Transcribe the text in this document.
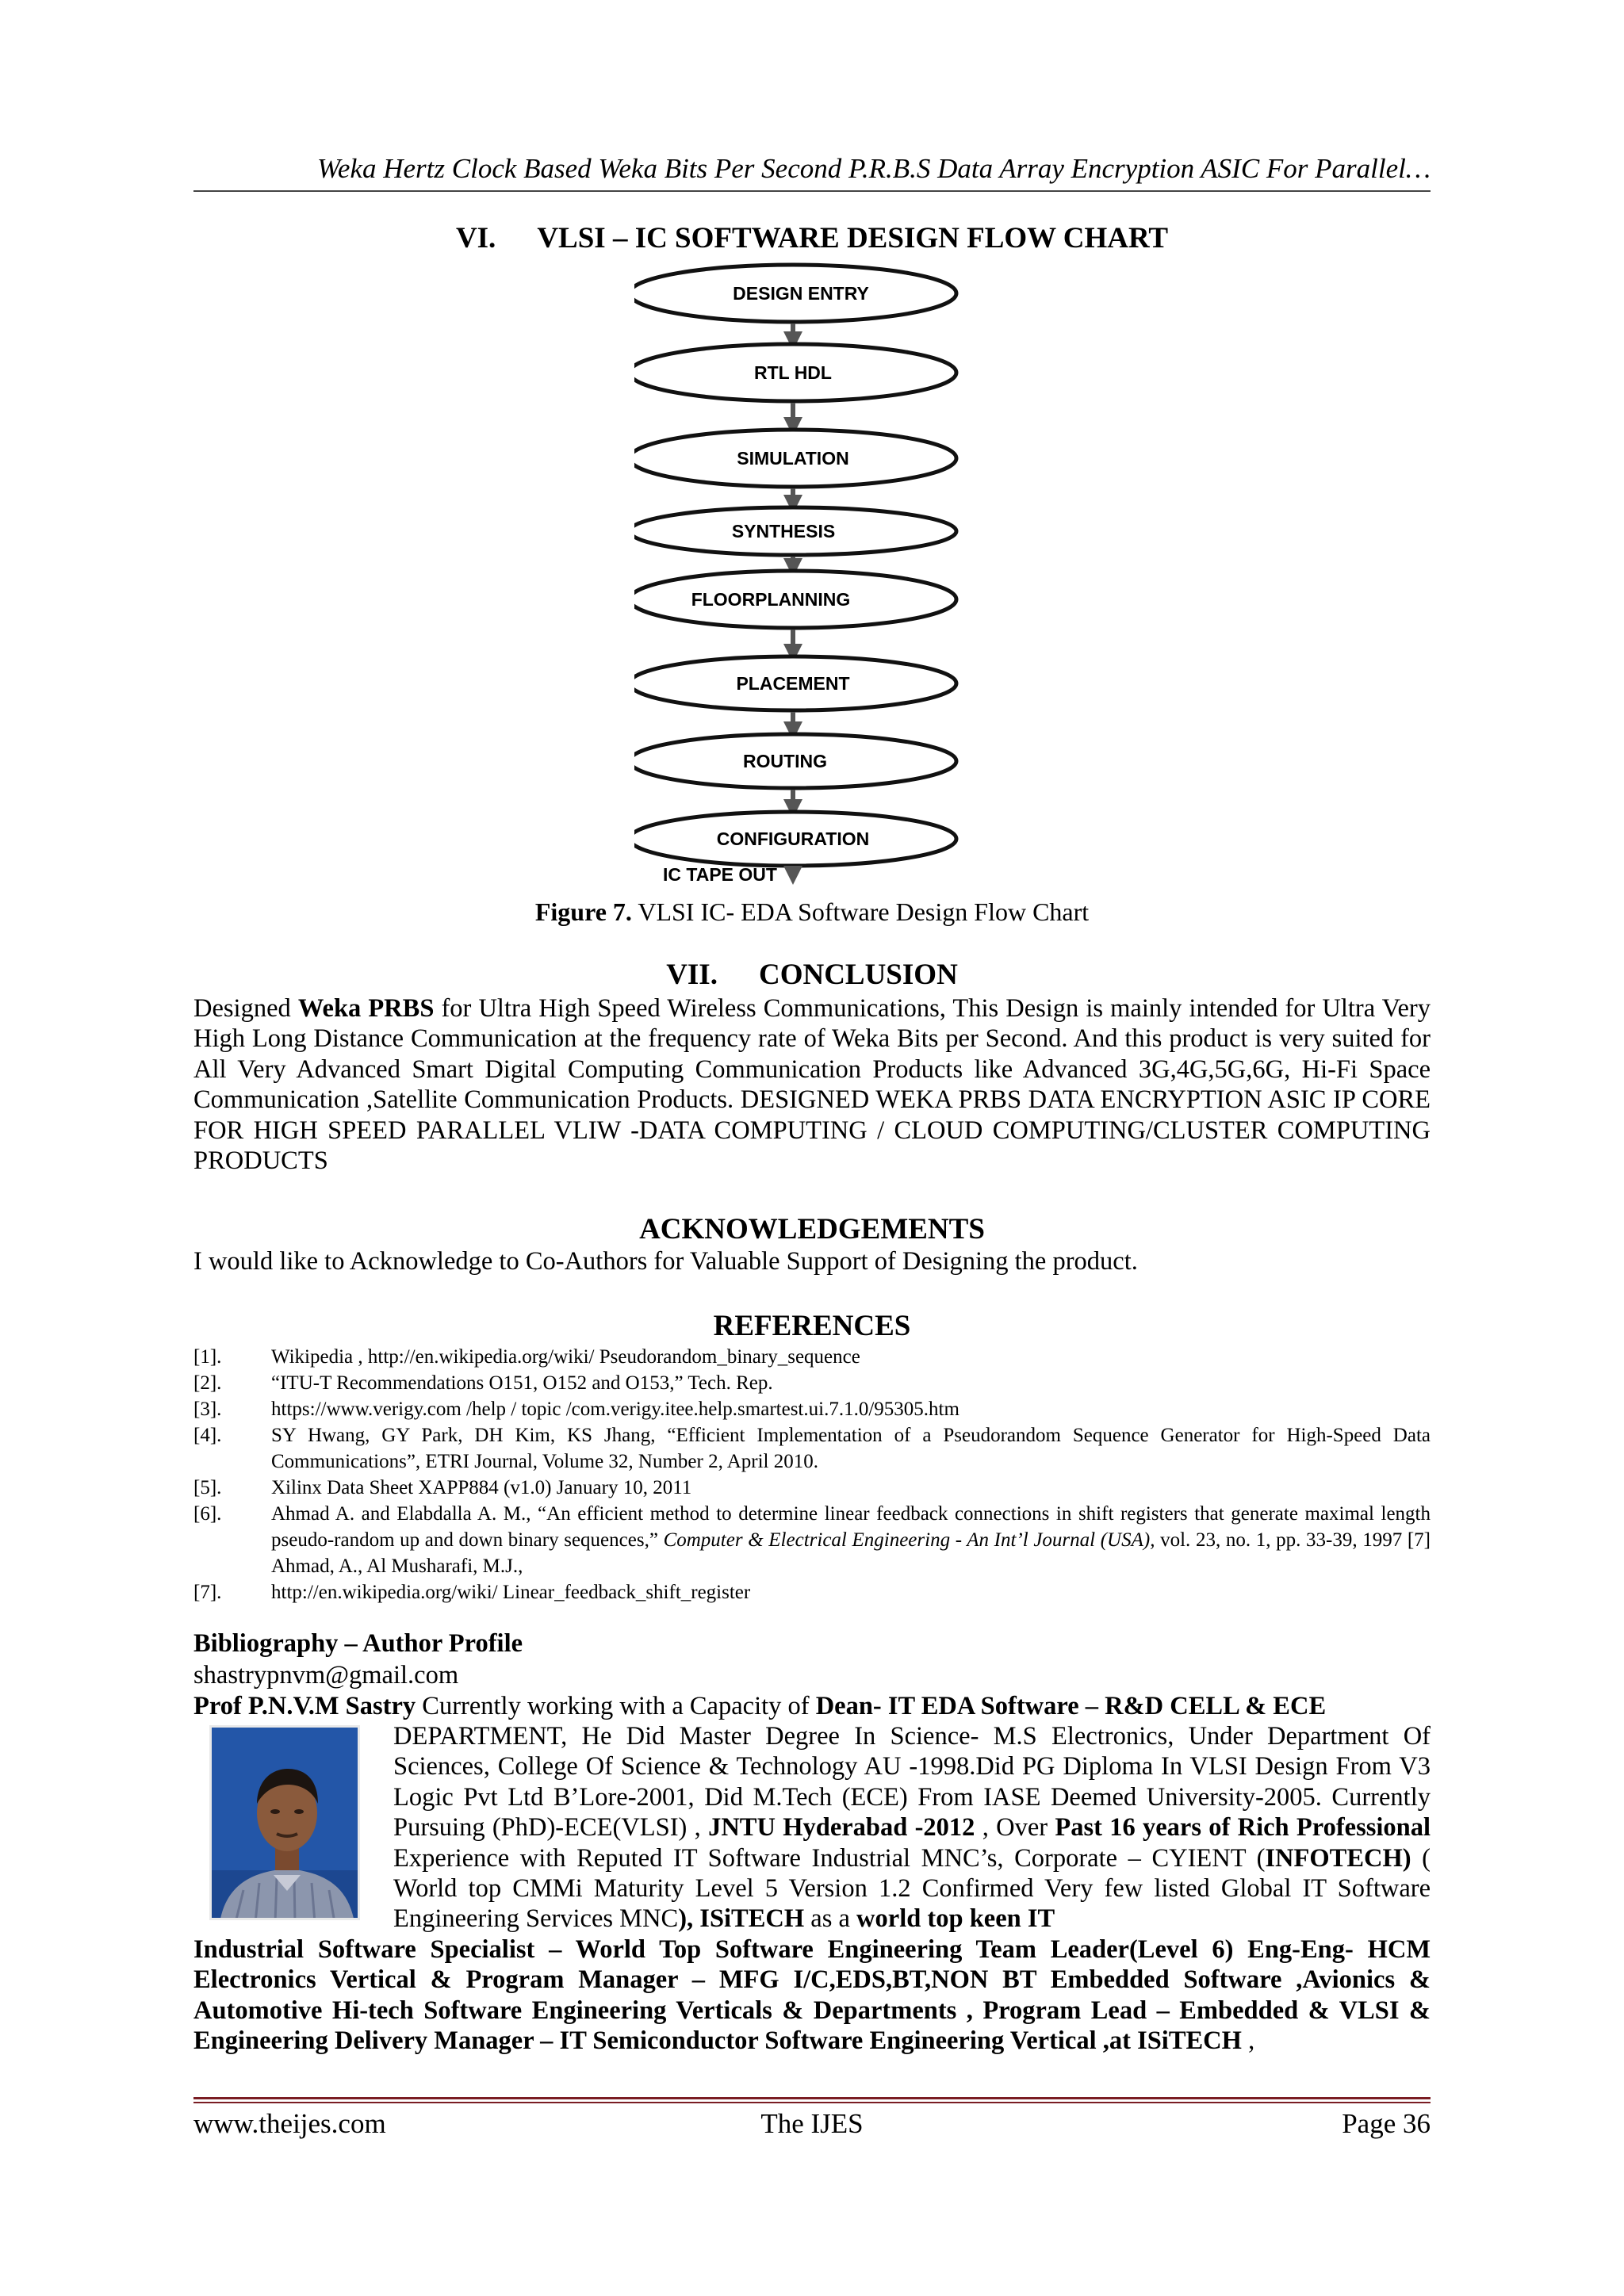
Weka Hertz Clock Based Weka Bits Per Second P.R.B.S Data Array Encryption ASIC For Parallel…
VI. VLSI – IC SOFTWARE DESIGN FLOW CHART
DESIGN ENTRY
RTL HDL
SIMULATION
SYNTHESIS
FLOORPLANNING
PLACEMENT
ROUTING
CONFIGURATION
IC TAPE OUT
Figure 7. VLSI IC- EDA Software Design Flow Chart
VII. CONCLUSION
Designed Weka PRBS for Ultra High Speed Wireless Communications, This Design is mainly intended for Ultra Very High Long Distance Communication at the frequency rate of Weka Bits per Second. And this product is very suited for All Very Advanced Smart Digital Computing Communication Products like Advanced 3G,4G,5G,6G, Hi-Fi Space Communication ,Satellite Communication Products. DESIGNED WEKA PRBS DATA ENCRYPTION ASIC IP CORE FOR HIGH SPEED PARALLEL VLIW -DATA COMPUTING / CLOUD COMPUTING/CLUSTER COMPUTING PRODUCTS
ACKNOWLEDGEMENTS
I would like to Acknowledge to Co-Authors for Valuable Support of Designing the product.
REFERENCES
[1].	Wikipedia , http://en.wikipedia.org/wiki/ Pseudorandom_binary_sequence
[2].	“ITU-T Recommendations O151, O152 and O153,” Tech. Rep.
[3].	https://www.verigy.com /help / topic /com.verigy.itee.help.smartest.ui.7.1.0/95305.htm
[4].	SY Hwang, GY Park, DH Kim, KS Jhang, “Efficient Implementation of a Pseudorandom Sequence Generator for High-Speed Data Communications”, ETRI Journal, Volume 32, Number 2, April 2010.
[5].	Xilinx Data Sheet XAPP884 (v1.0) January 10, 2011
[6].	Ahmad A. and Elabdalla A. M., “An efficient method to determine linear feedback connections in shift registers that generate maximal length pseudo-random up and down binary sequences,” Computer & Electrical Engineering - An Int’l Journal (USA), vol. 23, no. 1, pp. 33-39, 1997 [7] Ahmad, A., Al Musharafi, M.J.,
[7].	http://en.wikipedia.org/wiki/ Linear_feedback_shift_register
Bibliography – Author Profile
shastrypnvm@gmail.com
Prof P.N.V.M Sastry Currently working with a Capacity of Dean- IT EDA Software – R&D CELL & ECE
DEPARTMENT, He Did Master Degree In Science- M.S Electronics, Under Department Of Sciences, College Of Science & Technology AU -1998.Did PG Diploma In VLSI Design From V3 Logic Pvt Ltd B’Lore-2001, Did M.Tech (ECE) From IASE Deemed University-2005. Currently Pursuing (PhD)-ECE(VLSI) , JNTU Hyderabad -2012 , Over Past 16 years of Rich Professional Experience with Reputed IT Software Industrial MNC’s, Corporate – CYIENT (INFOTECH) ( World top CMMi Maturity Level 5 Version 1.2 Confirmed Very few listed Global IT Software Engineering Services MNC), ISiTECH as a world top keen IT
Industrial Software Specialist – World Top Software Engineering Team Leader(Level 6) Eng-Eng- HCM Electronics Vertical & Program Manager – MFG I/C,EDS,BT,NON BT Embedded Software ,Avionics & Automotive Hi-tech Software Engineering Verticals & Departments , Program Lead – Embedded & VLSI & Engineering Delivery Manager – IT Semiconductor Software Engineering Vertical ,at ISiTECH ,
www.theijes.com	The IJES	Page 36
